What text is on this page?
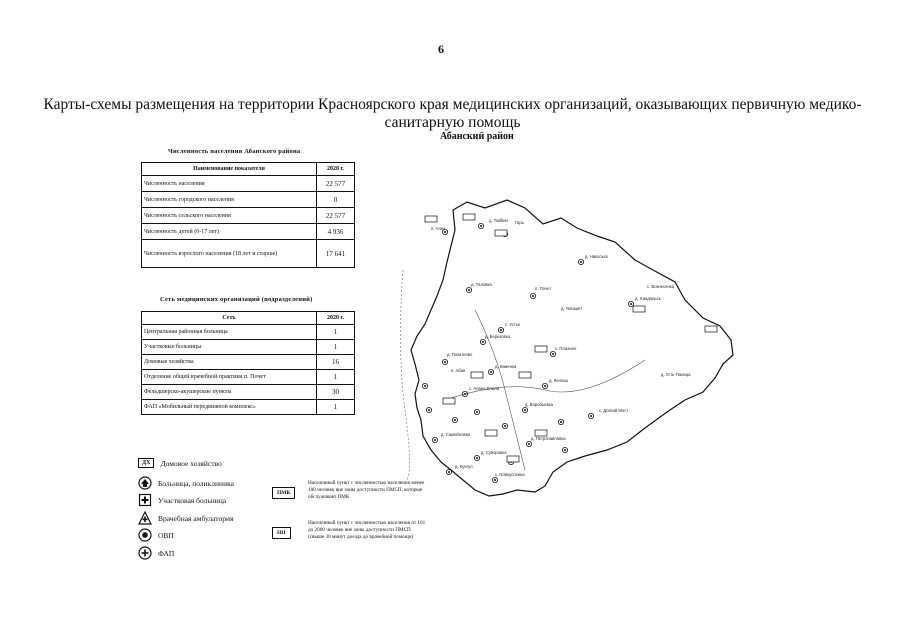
6
Карты-схемы размещения на территории Красноярского края медицинских организаций, оказывающих первичную медико-санитарную помощь
Абанский район
Численность населения Абанского района
Наименование показателя	2020 г.
Численность населения	22 577
Численность городского населения	0
Численность сельского населения	22 577
Численность детей (0-17 лет)	4 936
Численность взрослого населения (18 лет и старше)	17 641
Сеть медицинских организаций (подразделений)
Сеть	2020 г.
Центральная районная больница	1
Участковые больницы	1
Домовые хозяйства	16
Отделение общей врачебной практики п. Почет	1
Фельдшерско-акушерские пункты	30
ФАП «Мобильный передвижной комплекс»	1
ДХ	Домовое хозяйство
Больница, поликлиника
Участковая больница
Врачебная амбулатория
ОВП
ФАП
ПМК
Населенный пункт с численностью населения менее 100 человек вне зоны доступности ПМСП, которые обслуживает ПМК
НП
Населенный пункт с численностью населения от 101 до 2000 человек вне зоны доступности ПМСП (свыше 30 минут доезда до врачебной помощи)
п. Алеч
д. Тайбин Гарь
д. Таловка
п. Почет
д. Никольск
д. Хандальск
с. Вознесенка
с. Долгий Мост
п. Абан
с. Апано-Ключи
д. Покатеево
д. Березовка
с. Устье
д. Каменка
д. Петропавловка
д. Самойловка
д. Суворовка
с. Плахино
д. Усть-Паница
д. Чигашет
д. Кунгул
д. Воробьевка
с. Новоуспенка
д. Кенгаш
